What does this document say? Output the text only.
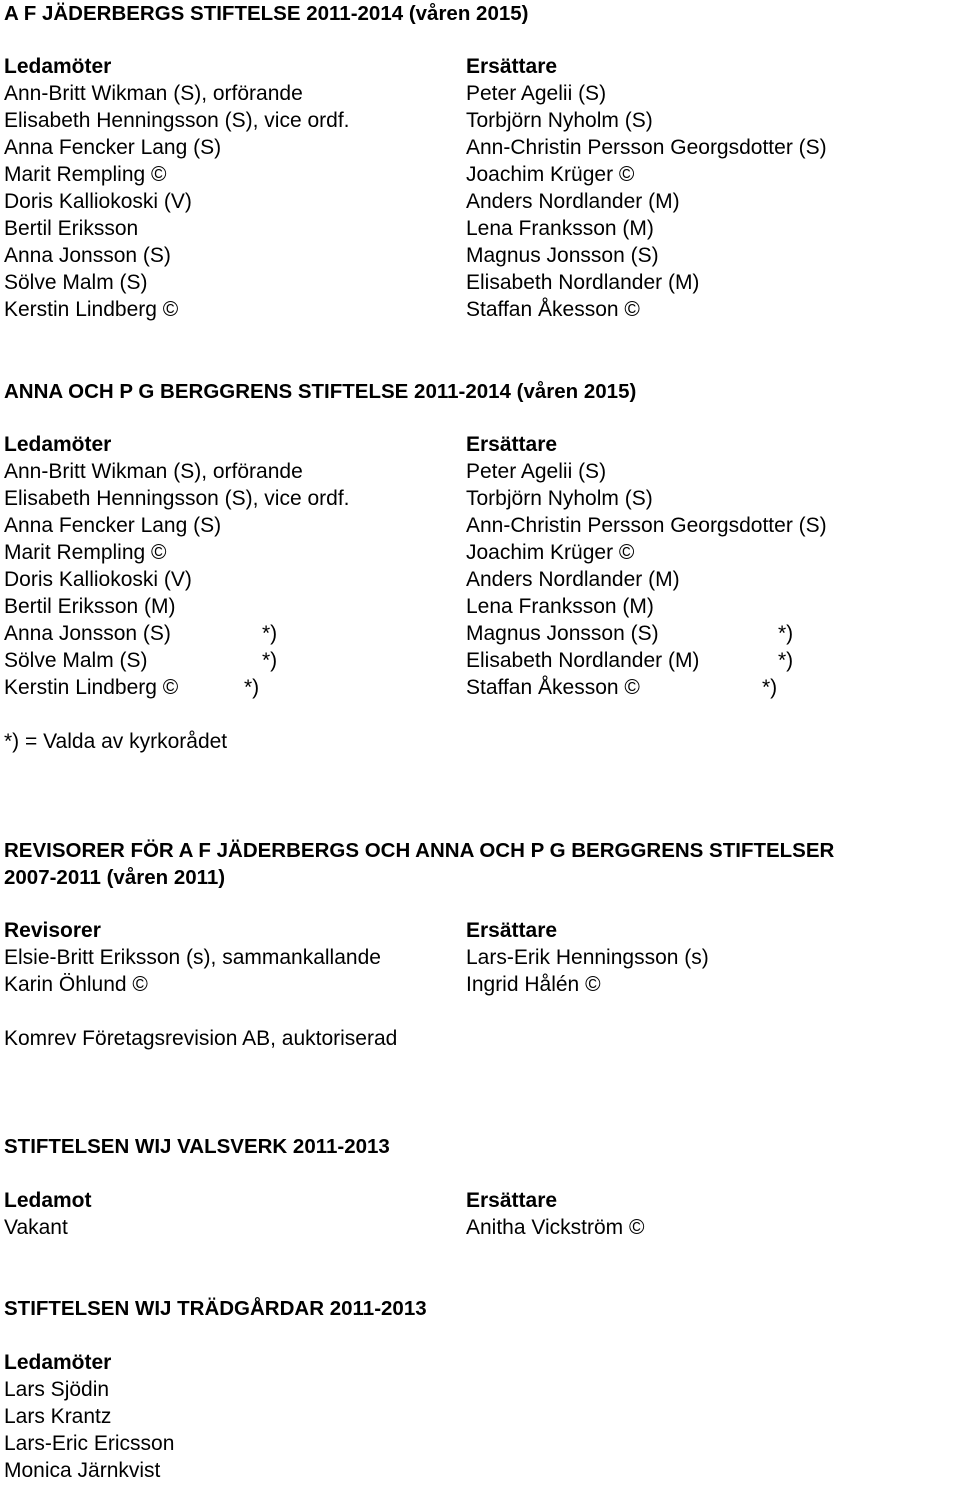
A F JÄDERBERGS STIFTELSE 2011-2014 (våren 2015)
Ledamöter	Ersättare
Ann-Britt Wikman (S), orförande	Peter Agelii (S)
Elisabeth Henningsson (S), vice ordf.	Torbjörn Nyholm (S)
Anna Fencker Lang (S)	Ann-Christin Persson Georgsdotter (S)
Marit Rempling ©	Joachim Krüger ©
Doris Kalliokoski (V)	Anders Nordlander (M)
Bertil Eriksson	Lena Franksson (M)
Anna Jonsson (S)	Magnus Jonsson (S)
Sölve Malm (S)	Elisabeth Nordlander (M)
Kerstin Lindberg ©	Staffan Åkesson ©
ANNA OCH P G BERGGRENS STIFTELSE 2011-2014 (våren 2015)
Ledamöter	Ersättare
Ann-Britt Wikman (S), orförande	Peter Agelii (S)
Elisabeth Henningsson (S), vice ordf.	Torbjörn Nyholm (S)
Anna Fencker Lang (S)	Ann-Christin Persson Georgsdotter (S)
Marit Rempling ©	Joachim Krüger ©
Doris Kalliokoski (V)	Anders Nordlander (M)
Bertil Eriksson (M)	Lena Franksson (M)
Anna Jonsson (S)	*)	Magnus Jonsson (S)	*)
Sölve Malm (S)	*)	Elisabeth Nordlander (M)	*)
Kerstin Lindberg ©	*)	Staffan Åkesson ©	*)
*) = Valda av kyrkorådet
REVISORER FÖR A F JÄDERBERGS OCH ANNA OCH P G BERGGRENS STIFTELSER
2007-2011 (våren 2011)
Revisorer	Ersättare
Elsie-Britt Eriksson (s), sammankallande	Lars-Erik Henningsson (s)
Karin Öhlund ©	Ingrid Hålén ©
Komrev Företagsrevision AB, auktoriserad
STIFTELSEN WIJ VALSVERK 2011-2013
Ledamot	Ersättare
Vakant	Anitha Vickström ©
STIFTELSEN WIJ TRÄDGÅRDAR 2011-2013
Ledamöter
Lars Sjödin
Lars Krantz
Lars-Eric Ericsson
Monica Järnkvist
